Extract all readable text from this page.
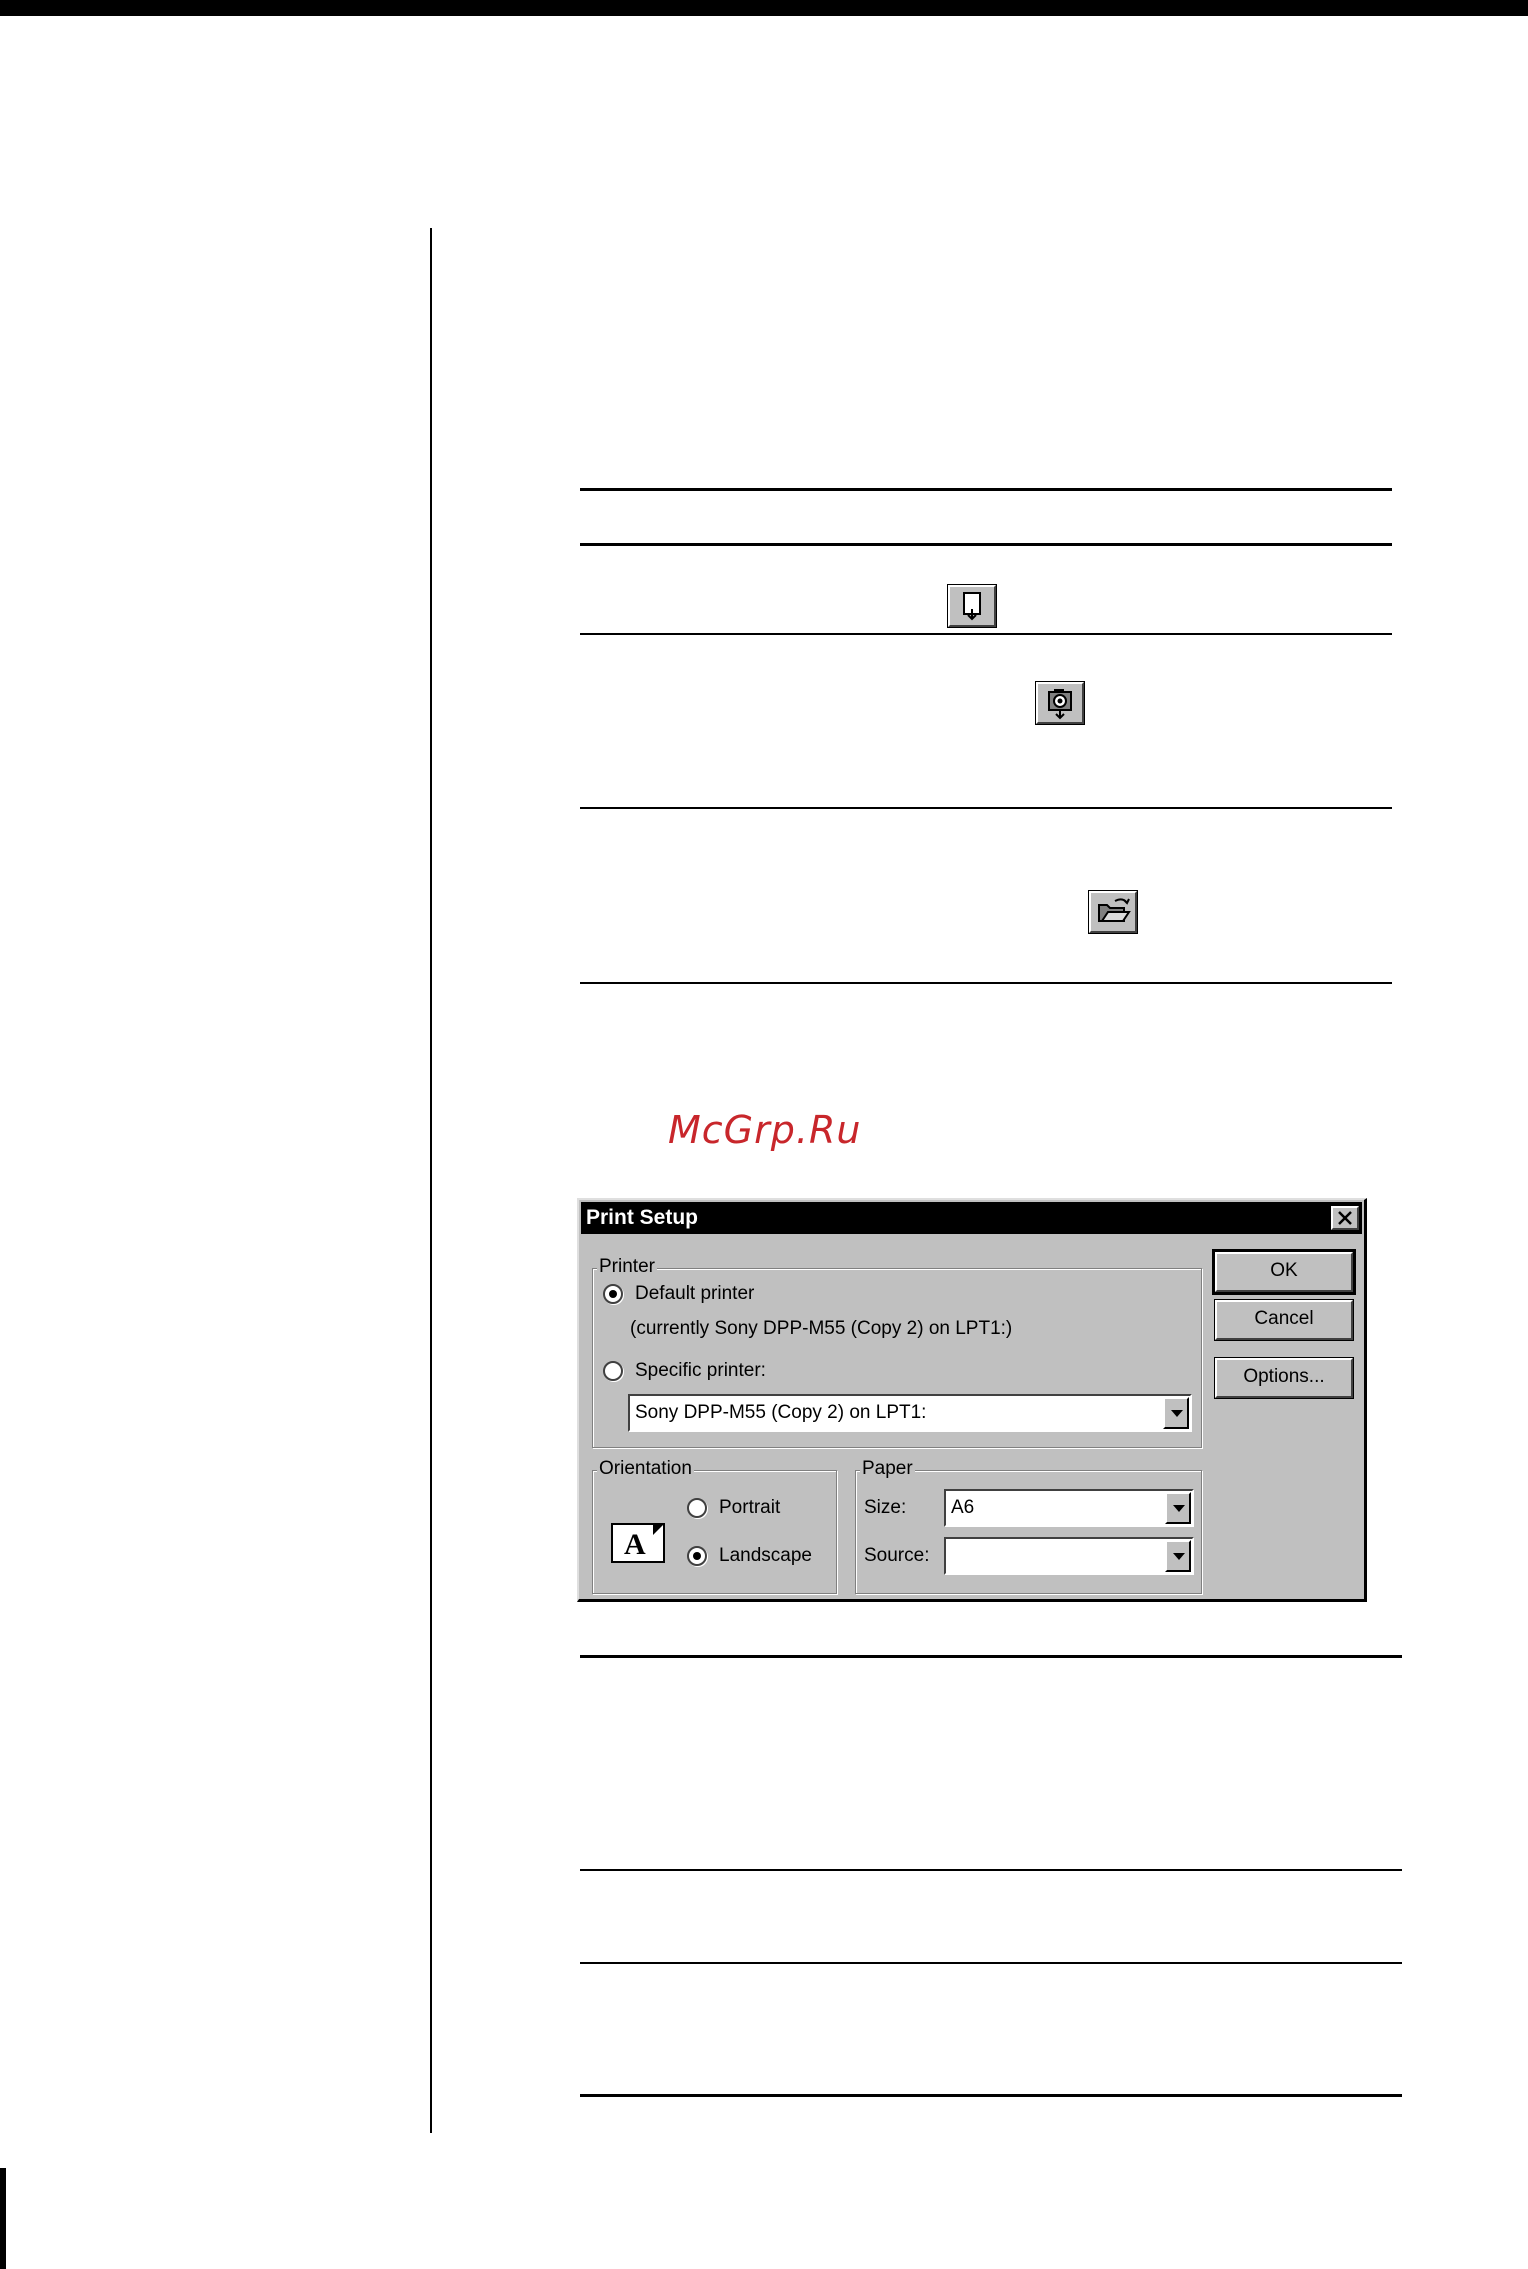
McGrp.Ru
Print Setup
Printer
Default printer
(currently Sony DPP-M55 (Copy 2) on LPT1:)
Specific printer:
Sony DPP-M55 (Copy 2) on LPT1:
Orientation
A
Portrait
Landscape
Paper
Size: A6
Source:
OK
Cancel
Options...
